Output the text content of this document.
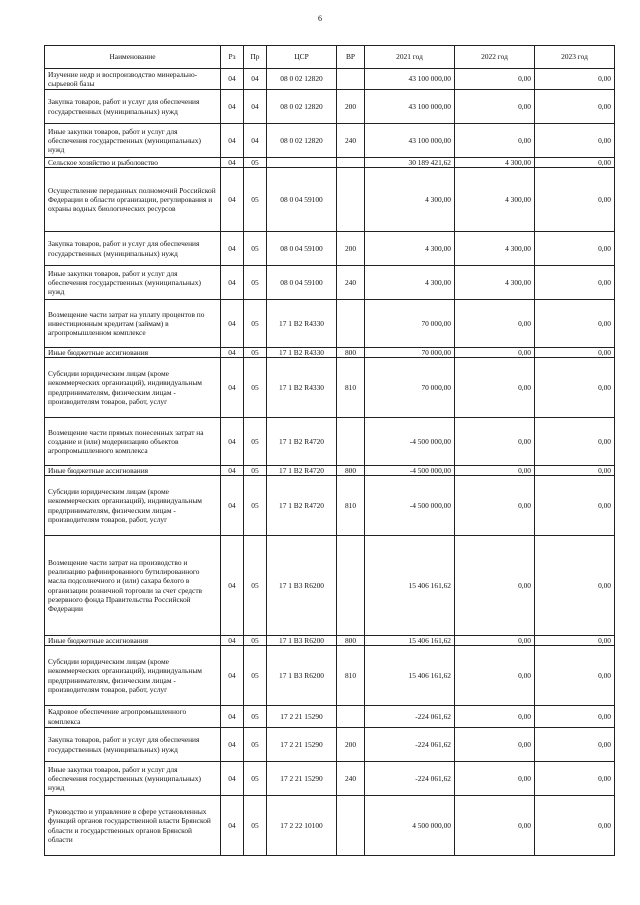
6
Наименование	Рз	Пр	ЦСР	ВР	2021 год	2022 год	2023 год
Изучение недр и воспроизводство минерально-сырьевой базы	04	04	08 0 02 12820		43 100 000,00	0,00	0,00
Закупка товаров, работ и услуг для обеспечения государственных (муниципальных) нужд	04	04	08 0 02 12820	200	43 100 000,00	0,00	0,00
Иные закупки товаров, работ и услуг для обеспечения государственных (муниципальных) нужд	04	04	08 0 02 12820	240	43 100 000,00	0,00	0,00
Сельское хозяйство и рыболовство	04	05			30 189 421,62	4 300,00	0,00
Осуществление переданных полномочий Российской Федерации в области организации, регулирования и охраны водных биологических ресурсов	04	05	08 0 04 59100		4 300,00	4 300,00	0,00
Закупка товаров, работ и услуг для обеспечения государственных (муниципальных) нужд	04	05	08 0 04 59100	200	4 300,00	4 300,00	0,00
Иные закупки товаров, работ и услуг для обеспечения государственных (муниципальных) нужд	04	05	08 0 04 59100	240	4 300,00	4 300,00	0,00
Возмещение части затрат на уплату процентов по инвестиционным кредитам (займам) в агропромышленном комплексе	04	05	17 1 B2 R4330		70 000,00	0,00	0,00
Иные бюджетные ассигнования	04	05	17 1 B2 R4330	800	70 000,00	0,00	0,00
Субсидии юридическим лицам (кроме некоммерческих организаций), индивидуальным предпринимателям, физическим лицам - производителям товаров, работ, услуг	04	05	17 1 B2 R4330	810	70 000,00	0,00	0,00
Возмещение части прямых понесенных затрат на создание и (или) модернизацию объектов агропромышленного комплекса	04	05	17 1 B2 R4720		-4 500 000,00	0,00	0,00
Иные бюджетные ассигнования	04	05	17 1 B2 R4720	800	-4 500 000,00	0,00	0,00
Субсидии юридическим лицам (кроме некоммерческих организаций), индивидуальным предпринимателям, физическим лицам - производителям товаров, работ, услуг	04	05	17 1 B2 R4720	810	-4 500 000,00	0,00	0,00
Возмещение части затрат на производство и реализацию рафинированного бутилированного масла подсолнечного и (или) сахара белого в организации розничной торговли за счет средств резервного фонда Правительства Российской Федерации	04	05	17 1 B3 R6200		15 406 161,62	0,00	0,00
Иные бюджетные ассигнования	04	05	17 1 B3 R6200	800	15 406 161,62	0,00	0,00
Субсидии юридическим лицам (кроме некоммерческих организаций), индивидуальным предпринимателям, физическим лицам - производителям товаров, работ, услуг	04	05	17 1 B3 R6200	810	15 406 161,62	0,00	0,00
Кадровое обеспечение агропромышленного комплекса	04	05	17 2 21 15290		-224 061,62	0,00	0,00
Закупка товаров, работ и услуг для обеспечения государственных (муниципальных) нужд	04	05	17 2 21 15290	200	-224 061,62	0,00	0,00
Иные закупки товаров, работ и услуг для обеспечения государственных (муниципальных) нужд	04	05	17 2 21 15290	240	-224 061,62	0,00	0,00
Руководство и управление в сфере установленных функций органов государственной власти Брянской области и государственных органов Брянской области	04	05	17 2 22 10100		4 500 000,00	0,00	0,00
